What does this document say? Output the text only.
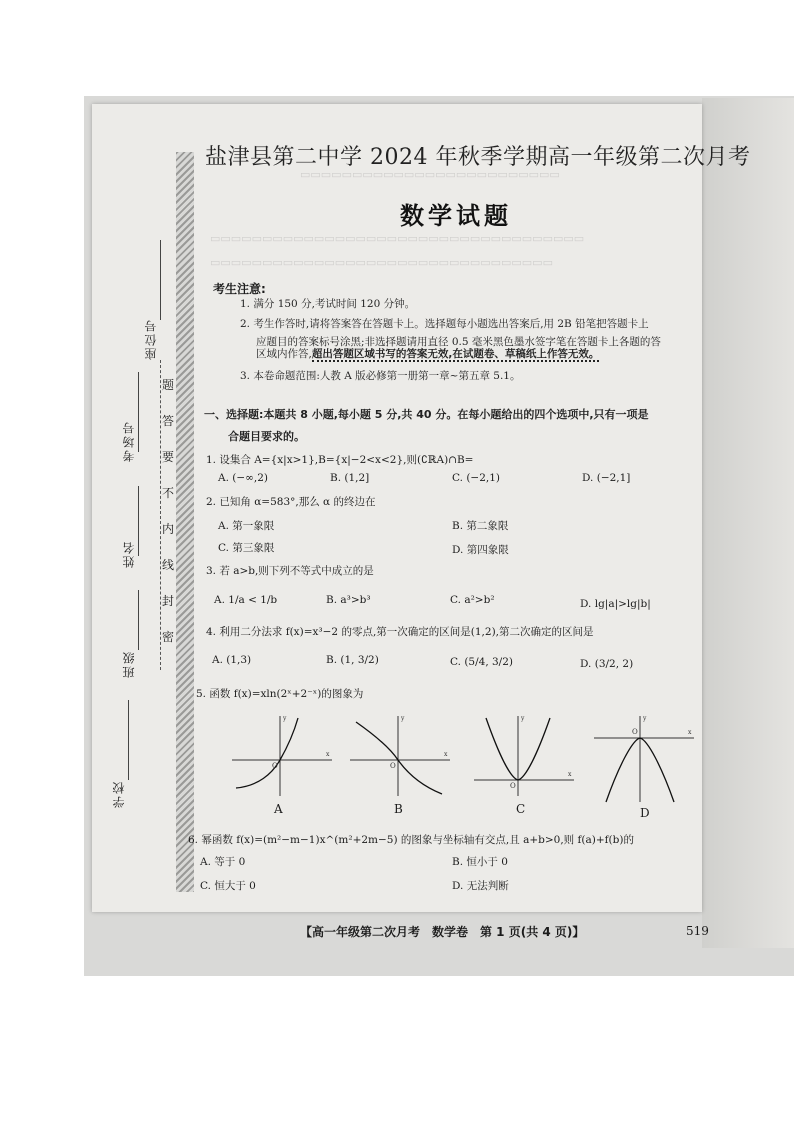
▭▭▭▭▭▭▭▭▭▭▭▭▭▭▭▭▭▭▭▭▭▭▭▭▭
▭▭▭▭▭▭▭▭▭▭▭▭▭▭▭▭▭▭▭▭▭▭▭▭▭▭▭▭▭▭▭▭▭▭▭▭
▭▭▭▭▭▭▭▭▭▭▭▭▭▭▭▭▭▭▭▭▭▭▭▭▭▭▭▭▭▭▭▭▭
题
答
要
不
内
线
封
密
座位号
考场号
姓名
班级
学校
盐津县第二中学 2024 年秋季学期高一年级第二次月考
数学试题
考生注意:
1. 满分 150 分,考试时间 120 分钟。
2. 考生作答时,请将答案答在答题卡上。选择题每小题选出答案后,用 2B 铅笔把答题卡上
应题目的答案标号涂黑;非选择题请用直径 0.5 毫米黑色墨水签字笔在答题卡上各题的答
区域内作答,超出答题区域书写的答案无效,在试题卷、草稿纸上作答无效。
3. 本卷命题范围:人教 A 版必修第一册第一章~第五章 5.1。
一、选择题:本题共 8 小题,每小题 5 分,共 40 分。在每小题给出的四个选项中,只有一项是
合题目要求的。
1. 设集合 A={x|x>1},B={x|−2<x<2},则(∁ℝA)∩B=
A. (−∞,2)	B. (1,2]	C. (−2,1)	D. (−2,1]
2. 已知角 α=583°,那么 α 的终边在
A. 第一象限	B. 第二象限
C. 第三象限	D. 第四象限
3. 若 a>b,则下列不等式中成立的是
A. 1/a < 1/b	B. a³>b³	C. a²>b²	D. lg|a|>lg|b|
4. 利用二分法求 f(x)=x³−2 的零点,第一次确定的区间是(1,2),第二次确定的区间是
A. (1,3)	B. (1, 3/2)	C. (5/4, 3/2)	D. (3/2, 2)
5. 函数 f(x)=xln(2ˣ+2⁻ˣ)的图象为
x
y
O
A
x
y
O
B
x
y
O
C
x
y
O
D
6. 幂函数 f(x)=(m²−m−1)x^(m²+2m−5) 的图象与坐标轴有交点,且 a+b>0,则 f(a)+f(b)的
A. 等于 0	B. 恒小于 0
C. 恒大于 0	D. 无法判断
【高一年级第二次月考　数学卷　第 1 页(共 4 页)】	519
